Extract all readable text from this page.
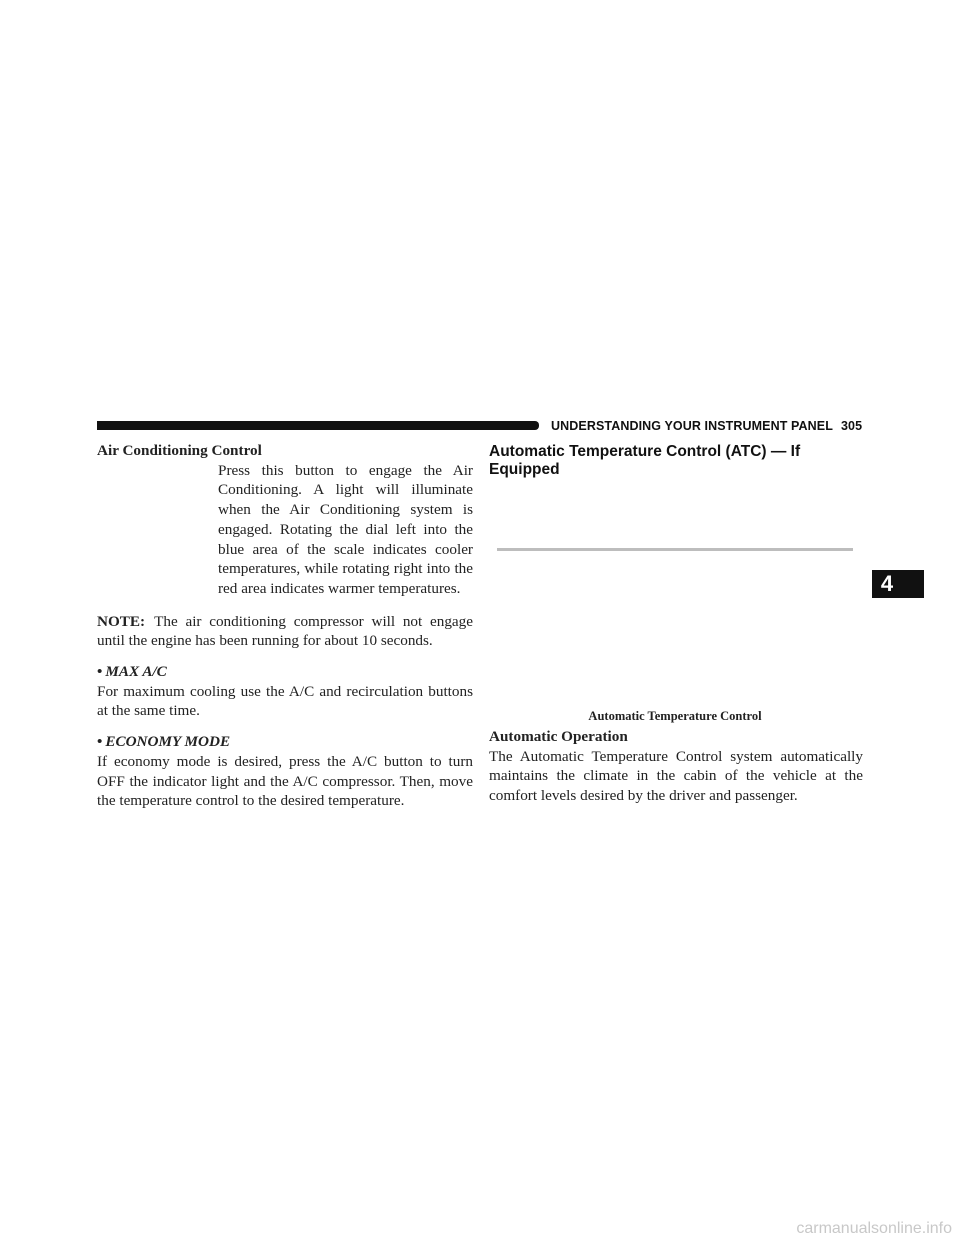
UNDERSTANDING YOUR INSTRUMENT PANEL 305

Air Conditioning Control

Press this button to engage the Air Conditioning. A light will illuminate when the Air Conditioning system is engaged. Rotating the dial left into the blue area of the scale indicates cooler temperatures, while rotating right into the red area indicates warmer temperatures.

NOTE: The air conditioning compressor will not engage until the engine has been running for about 10 seconds.

• MAX A/C

For maximum cooling use the A/C and recirculation buttons at the same time.

• ECONOMY MODE

If economy mode is desired, press the A/C button to turn OFF the indicator light and the A/C compressor. Then, move the temperature control to the desired temperature.

Automatic Temperature Control (ATC) — If Equipped
Automatic Temperature Control
Automatic Operation

The Automatic Temperature Control system automatically maintains the climate in the cabin of the vehicle at the comfort levels desired by the driver and passenger.

4
carmanualsonline.info
